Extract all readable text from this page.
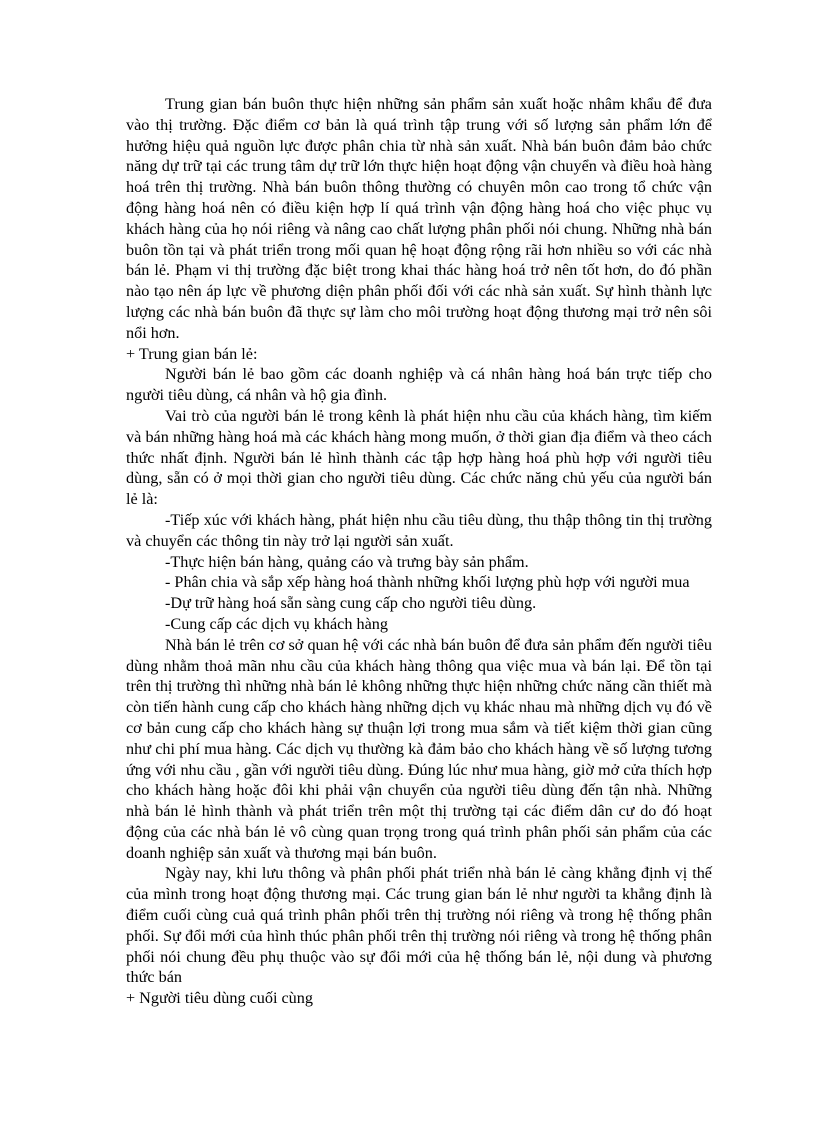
Trung gian bán buôn thực hiện những sản phẩm sản xuất hoặc nhâm khẩu để đưa vào thị trường. Đặc điểm cơ bản là quá trình tập trung với số lượng sản phẩm lớn để hưởng hiệu quả nguồn lực được phân chia từ nhà sản xuất. Nhà bán buôn đảm bảo chức năng dự trữ tại các trung tâm dự trữ lớn thực hiện hoạt động vận chuyển và điều hoà hàng hoá trên thị trường. Nhà bán buôn thông thường có chuyên môn cao trong tổ chức vận động hàng hoá nên có điều kiện hợp lí quá trình vận động hàng hoá cho việc phục vụ khách hàng của họ nói riêng và nâng cao chất lượng phân phối nói chung. Những nhà bán buôn tồn tại và phát triển trong mối quan hệ hoạt động rộng rãi hơn nhiều so với các nhà bán lẻ. Phạm vi thị trường đặc biệt trong khai thác hàng hoá trở nên tốt hơn, do đó phần nào tạo nên áp lực về phương diện phân phối đối với các nhà sản xuất. Sự hình thành lực lượng các nhà bán buôn đã thực sự làm cho môi trường hoạt động thương mại trở nên sôi nổi hơn.

+ Trung gian bán lẻ:

Người bán lẻ bao gồm các doanh nghiệp và cá nhân hàng hoá bán trực tiếp cho người tiêu dùng, cá nhân và hộ gia đình.

Vai trò của người bán lẻ trong kênh là phát hiện nhu cầu của khách hàng, tìm kiếm và bán những hàng hoá mà các khách hàng mong muốn, ở thời gian địa điểm và theo cách thức nhất định. Người bán lẻ hình thành các tập hợp hàng hoá phù hợp với người tiêu dùng, sẵn có ở mọi thời gian cho người tiêu dùng. Các chức năng chủ yếu của người bán lẻ là:

-Tiếp xúc với khách hàng, phát hiện nhu cầu tiêu dùng, thu thập thông tin thị trường và chuyển các thông tin này trở lại người sản xuất.

-Thực hiện bán hàng, quảng cáo và trưng bày sản phẩm.

- Phân chia và sắp xếp hàng hoá thành những khối lượng phù hợp với người mua

-Dự trữ hàng hoá sẵn sàng cung cấp cho người tiêu dùng.

-Cung cấp các dịch vụ khách hàng

Nhà bán lẻ trên cơ sở quan hệ với các nhà bán buôn để đưa sản phẩm đến người tiêu dùng nhằm thoả mãn nhu cầu của khách hàng thông qua việc mua và bán lại. Để tồn tại trên thị trường thì những nhà bán lẻ không những thực hiện những chức năng cần thiết mà còn tiến hành cung cấp cho khách hàng những dịch vụ khác nhau mà những dịch vụ đó về cơ bản cung cấp cho khách hàng sự thuận lợi trong mua sắm và tiết kiệm thời gian cũng như chi phí mua hàng. Các dịch vụ thường kà đảm bảo cho khách hàng về số lượng tương ứng với nhu cầu , gần với người tiêu dùng. Đúng lúc như mua hàng, giờ mở cửa thích hợp cho khách hàng hoặc đôi khi phải vận chuyển của người tiêu dùng đến tận nhà. Những nhà bán lẻ hình thành và phát triển trên một thị trường tại các điểm dân cư do đó hoạt động của các nhà bán lẻ vô cùng quan trọng trong quá trình phân phối sản phẩm của các doanh nghiệp sản xuất và thương mại bán buôn.

Ngày nay, khi lưu thông và phân phối phát triển nhà bán lẻ càng khẳng định vị thế của mình trong hoạt động thương mại. Các trung gian bán lẻ như người ta khẳng định là điểm cuối cùng cuả quá trình phân phối trên thị trường nói riêng và trong hệ thống phân phối. Sự đổi mới của hình thúc phân phối trên thị trường nói riêng và trong hệ thống phân phối nói chung đều phụ thuộc vào sự đổi mới của hệ thống bán lẻ, nội dung và phương thức bán

+ Người tiêu dùng cuối cùng
